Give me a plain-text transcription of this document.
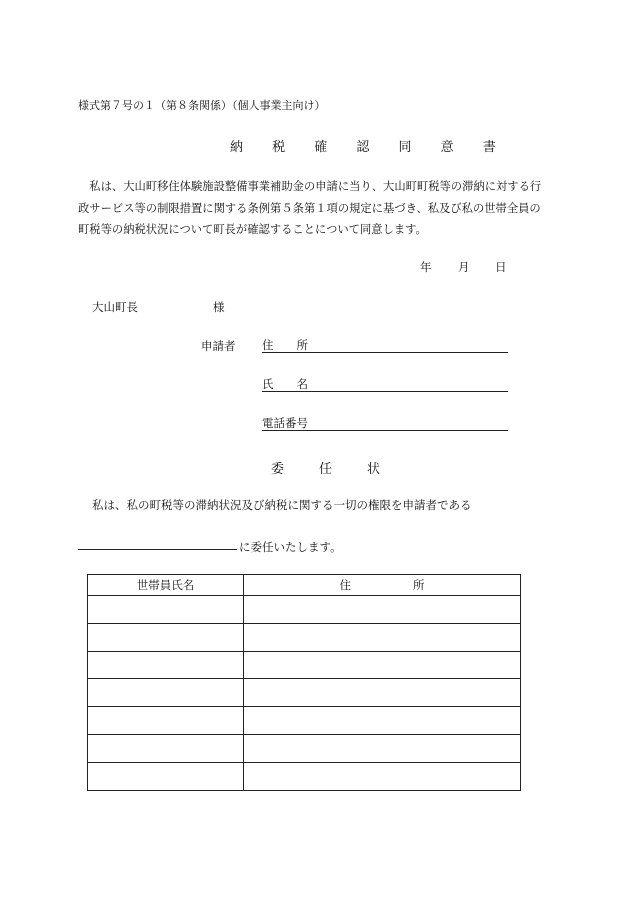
様式第７号の１（第８条関係）（個人事業主向け）
納 税 確 認 同 意 書

　私は、大山町移住体験施設整備事業補助金の申請に当り、大山町町税等の滞納に対する行

政サービス等の制限措置に関する条例第５条第１項の規定に基づき、私及び私の世帯全員の

町税等の納税状況について町長が確認することについて同意します。

年 月 日
大山町長	様
申請者 住　　所
氏　　名
電話番号
委	任	状
私は、私の町税等の滞納状況及び納税に関する一切の権限を申請者である
に委任いたします。
世帯員氏名	住所
